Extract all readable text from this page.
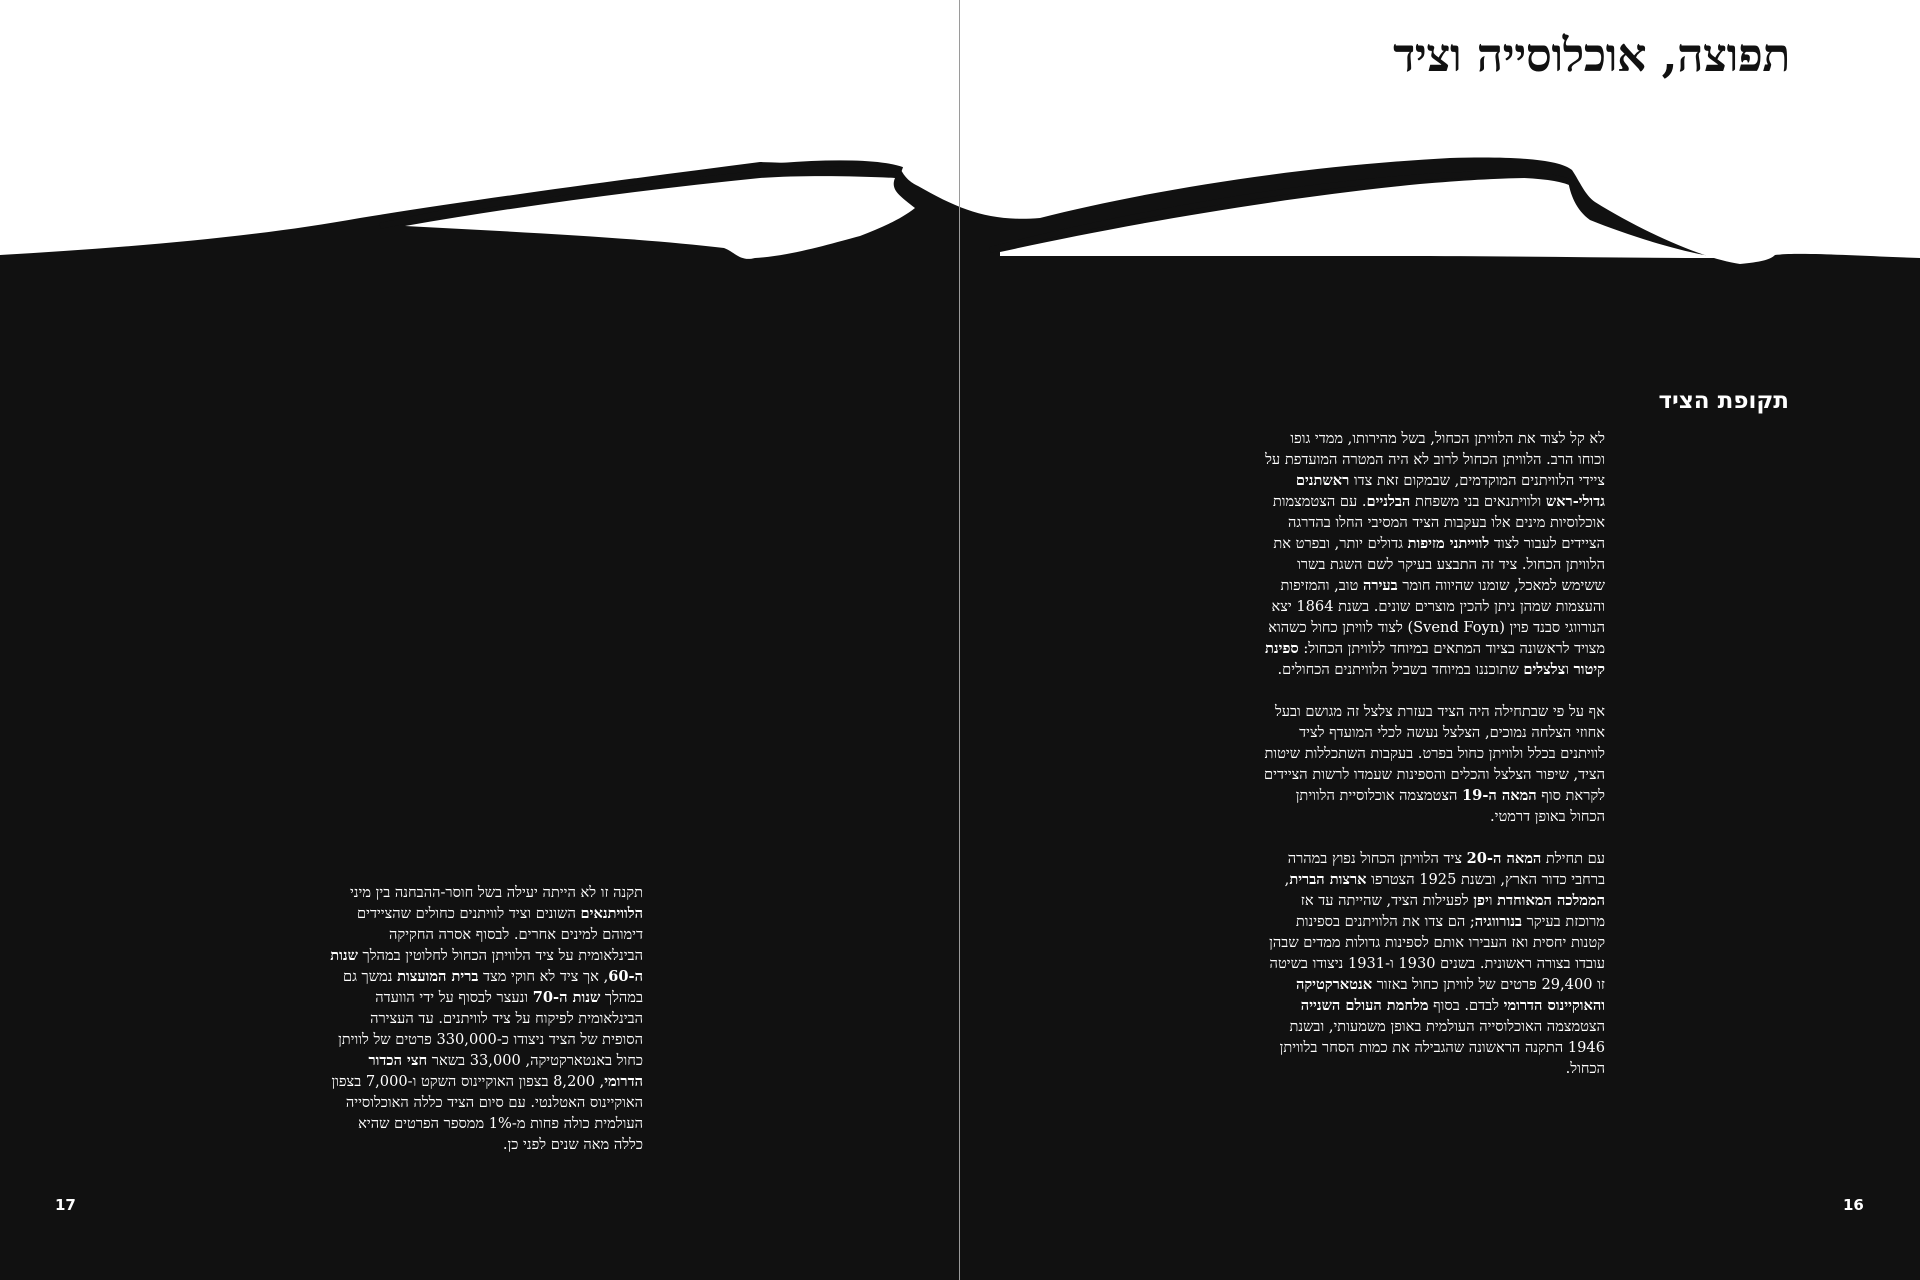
תפוצה, אוכלוסייה וציד
תקופת הציד

לא קל לצוד את הלוויתן הכחול, בשל מהירותו, ממדי גופו וכוחו הרב. הלוויתן הכחול לרוב לא היה המטרה המועדפת על ציידי הלוויתנים המוקדמים, שבמקום זאת צדו ראשתנים גדולי-ראש ולוויתנאים בני משפחת הבלניים. עם הצטמצמות אוכלוסיות מינים אלו בעקבות הציד המסיבי החלו בהדרגה הציידים לעבור לצוד לווייתני מזיפות גדולים יותר, ובפרט את הלוויתן הכחול. ציד זה התבצע בעיקר לשם השגת בשרו ששימש למאכל, שומנו שהיווה חומר בעירה טוב, והמזיפות והעצמות שמהן ניתן להכין מוצרים שונים. בשנת 1864 יצא הנורווגי סבנד פוין (Svend Foyn) לצוד לוויתן כחול כשהוא מצויד לראשונה בציוד המתאים במיוחד ללוויתן הכחול: ספינת קיטור וצלצלים שתוכננו במיוחד בשביל הלוויתנים הכחולים.

אף על פי שבתחילה היה הציד בעזרת צלצל זה מגושם ובעל אחוזי הצלחה נמוכים, הצלצל נעשה לכלי המועדף לציד לוויתנים בכלל ולוויתן כחול בפרט. בעקבות השתכללות שיטות הציד, שיפור הצלצל והכלים והספינות שעמדו לרשות הציידים לקראת סוף המאה ה-19 הצטמצמה אוכלוסיית הלוויתן הכחול באופן דרמטי.

עם תחילת המאה ה-20 ציד הלוויתן הכחול נפוץ במהרה ברחבי כדור הארץ, ובשנת 1925 הצטרפו ארצות הברית, הממלכה המאוחדת ויפן לפעילות הציד, שהייתה עד אז מרוכזת בעיקר בנורווגיה; הם צדו את הלוויתנים בספינות קטנות יחסית ואז העבירו אותם לספינות גדולות ממדים שבהן עובדו בצורה ראשונית. בשנים 1930 ו-1931 ניצודו בשיטה זו 29,400 פרטים של לוויתן כחול באזור אנטארקטיקה והאוקיינוס הדרומי לבדם. בסוף מלחמת העולם השנייה הצטמצמה האוכלוסייה העולמית באופן משמעותי, ובשנת 1946 התקנה הראשונה שהגבילה את כמות הסחר בלוויתן הכחול.

תקנה זו לא הייתה יעילה בשל חוסר-ההבחנה בין מיני הלוויתנאים השונים וציד לוויתנים כחולים שהציידים דימוהם למינים אחרים. לבסוף אסרה החקיקה הבינלאומית על ציד הלוויתן הכחול לחלוטין במהלך שנות ה-60, אך ציד לא חוקי מצד ברית המועצות נמשך גם במהלך שנות ה-70 ונעצר לבסוף על ידי הוועדה הבינלאומית לפיקוח על ציד לוויתנים. עד העצירה הסופית של הציד ניצודו כ-330,000 פרטים של לוויתן כחול באנטארקטיקה, 33,000 בשאר חצי הכדור הדרומי, 8,200 בצפון האוקיינוס השקט ו-7,000 בצפון האוקיינוס האטלנטי. עם סיום הציד כללה האוכלוסייה העולמית כולה פחות מ-1% ממספר הפרטים שהיא כללה מאה שנים לפני כן.

17	16
